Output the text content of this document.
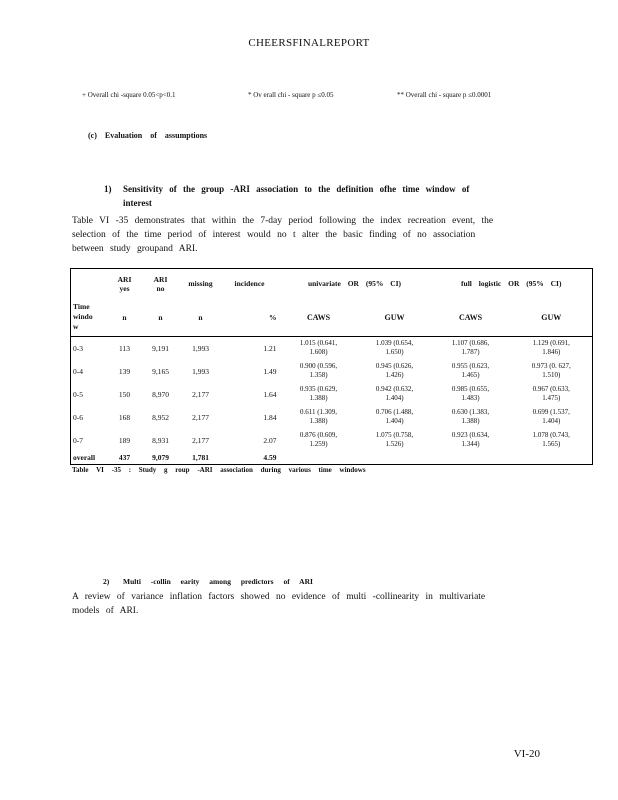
CHEERSFINALREPORT
+ Overall chi -square 0.05<p<0.1	* Ov erall chi - square p ≤0.05	** Overall chi - square p ≤0.0001
(c) Evaluation of assumptions
1) Sensitivity of the group -ARI association to the definition ofhe time window of
interest
Table VI -35 demonstrates that within the 7-day period following the index recreation event, the
selection of the time period of interest would no t alter the basic finding of no association
between study groupand ARI.
	ARI
yes	ARI
no	missing	incidence	univariate OR (95% CI)		full logistic OR (95% CI)	
Time
windo
w	n	n	n	%	CAWS	GUW	CAWS	GUW
0-3	113	9,191	1,993	1.21	1.015 (0.641,
1.608)	1.039 (0.654,
1.650)	1.107 (0.686,
1.787)	1.129 (0.691,
1.846)
0-4	139	9,165	1,993	1.49	0.900 (0.596,
1.358)	0.945 (0.626,
1.426)	0.955 (0.623,
1.465)	0.973 (0. 627,
1.510)
0-5	150	8,970	2,177	1.64	0.935 (0.629,
1.388)	0.942 (0.632,
1.404)	0.985 (0.655,
1.483)	0.967 (0.633,
1.475)
0-6	168	8,952	2,177	1.84	0.611 (1.309,
1.388)	0.706 (1.488,
1.404)	0.630 (1.383,
1.388)	0.699 (1.537,
1.404)
0-7	189	8,931	2,177	2.07	0.876 (0.609,
1.259)	1.075 (0.758,
1.526)	0.923 (0.634,
1.344)	1.078 (0.743,
1.565)
overall	437	9,079	1,781	4.59				
Table VI -35 : Study g roup -ARI association during various time windows
2) Multi -collin earity among predictors of ARI
A review of variance inflation factors showed no evidence of multi -collinearity in multivariate
models of ARI.
VI-20
